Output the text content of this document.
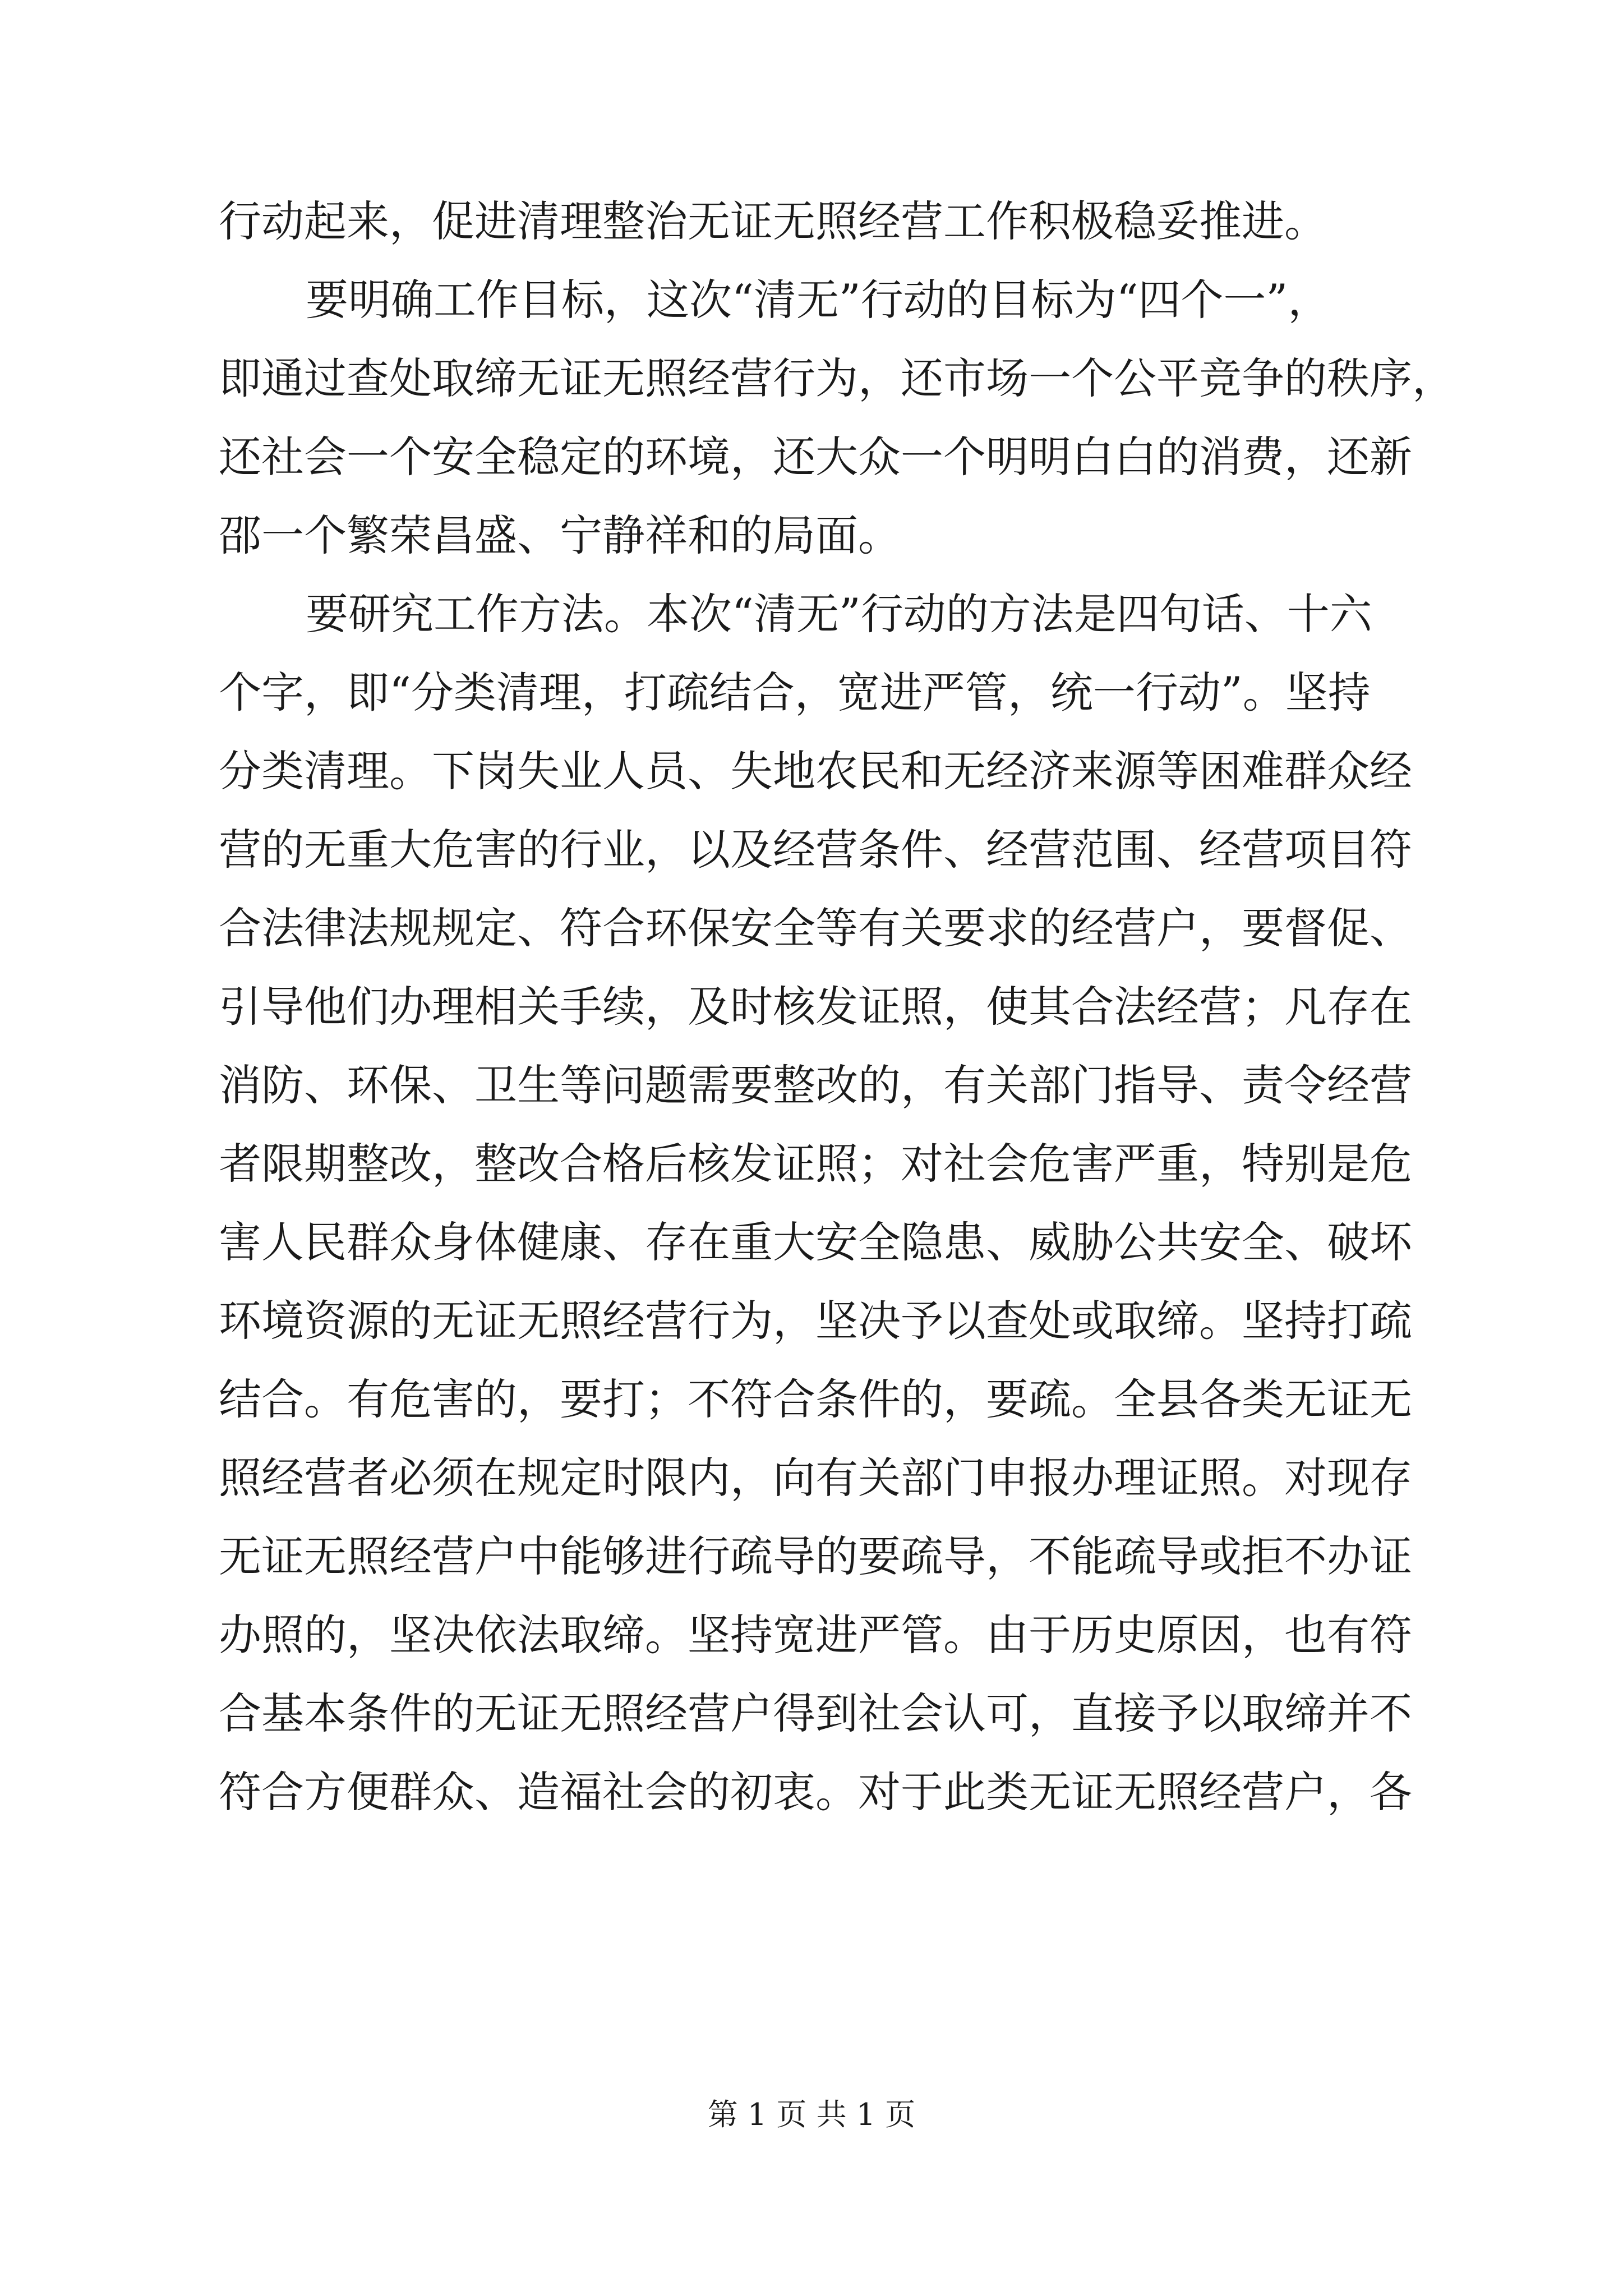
行动起来，促进清理整治无证无照经营工作积极稳妥推进。

要明确工作目标，这次“清无”行动的目标为“四个一”，

即通过查处取缔无证无照经营行为，还市场一个公平竞争的秩序，

还社会一个安全稳定的环境，还大众一个明明白白的消费，还新

邵一个繁荣昌盛、宁静祥和的局面。

要研究工作方法。本次“清无”行动的方法是四句话、十六

个字，即“分类清理，打疏结合，宽进严管，统一行动”。坚持

分类清理。下岗失业人员、失地农民和无经济来源等困难群众经

营的无重大危害的行业，以及经营条件、经营范围、经营项目符

合法律法规规定、符合环保安全等有关要求的经营户，要督促、

引导他们办理相关手续，及时核发证照，使其合法经营；凡存在

消防、环保、卫生等问题需要整改的，有关部门指导、责令经营

者限期整改，整改合格后核发证照；对社会危害严重，特别是危

害人民群众身体健康、存在重大安全隐患、威胁公共安全、破坏

环境资源的无证无照经营行为，坚决予以查处或取缔。坚持打疏

结合。有危害的，要打；不符合条件的，要疏。全县各类无证无

照经营者必须在规定时限内，向有关部门申报办理证照。对现存

无证无照经营户中能够进行疏导的要疏导，不能疏导或拒不办证

办照的，坚决依法取缔。坚持宽进严管。由于历史原因，也有符

合基本条件的无证无照经营户得到社会认可，直接予以取缔并不

符合方便群众、造福社会的初衷。对于此类无证无照经营户，各

第 1 页 共 1 页
